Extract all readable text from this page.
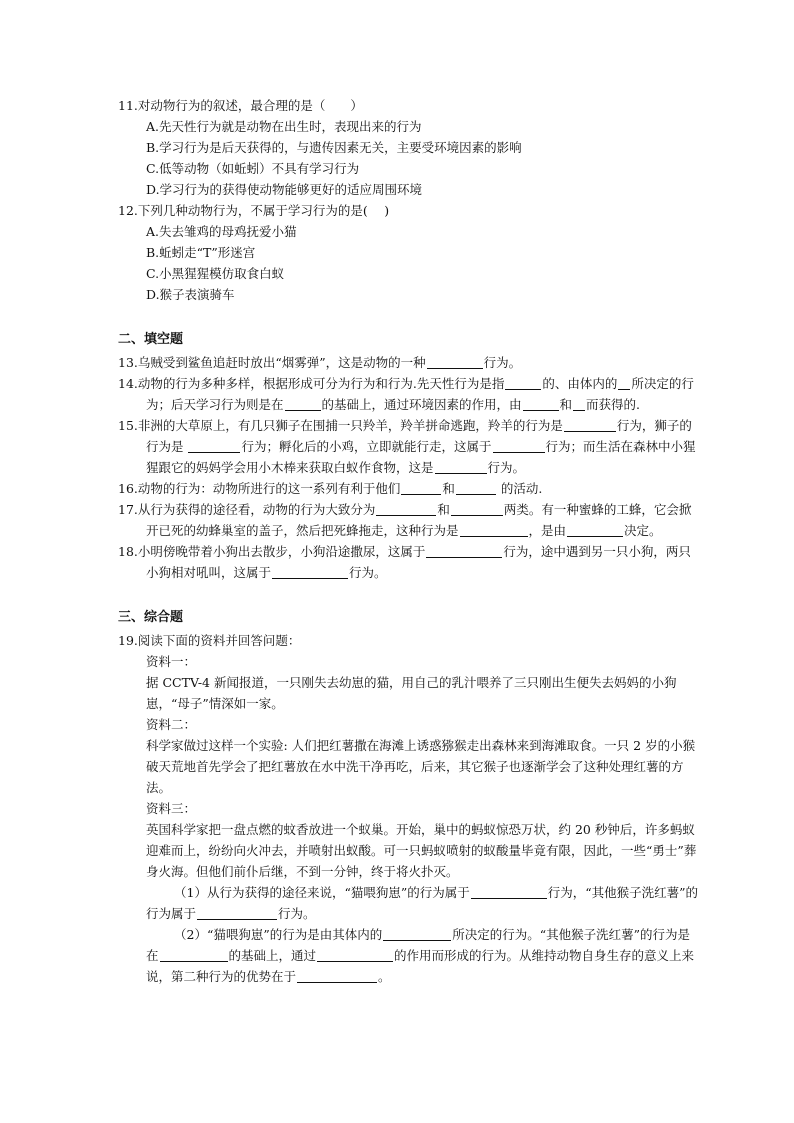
11.对动物行为的叙述，最合理的是（　　）

A.先天性行为就是动物在出生时，表现出来的行为

B.学习行为是后天获得的，与遗传因素无关，主要受环境因素的影响

C.低等动物（如蚯蚓）不具有学习行为

D.学习行为的获得使动物能够更好的适应周围环境

12.下列几种动物行为，不属于学习行为的是(　 )

A.失去雏鸡的母鸡抚爱小猫

B.蚯蚓走“T”形迷宫

C.小黑猩猩模仿取食白蚁

D.猴子表演骑车

二、填空题

13.乌贼受到鲨鱼追赶时放出“烟雾弹”，这是动物的一种	行为。

14.动物的行为多种多样，根据形成可分为行为和行为.先天性行为是指	的、由体内的 所决定的行为；后天学习行为则是在	的基础上，通过环境因素的作用，由	和 而获得的.

15.非洲的大草原上，有几只狮子在围捕一只羚羊，羚羊拼命逃跑，羚羊的行为是	行为，狮子的行为是	行为；孵化后的小鸡，立即就能行走，这属于	行为；而生活在森林中小猩猩跟它的妈妈学会用小木棒来获取白蚁作食物，这是	行为。

16.动物的行为：动物所进行的这一系列有利于他们	和	的活动.

17.从行为获得的途径看，动物的行为大致分为	和	两类。有一种蜜蜂的工蜂，它会掀开已死的幼蜂巢室的盖子，然后把死蜂拖走，这种行为是	，是由	决定。

18.小明傍晚带着小狗出去散步，小狗沿途撒尿，这属于	行为，途中遇到另一只小狗，两只小狗相对吼叫，这属于	行为。

三、综合题

19.阅读下面的资料并回答问题：

资料一：

据 CCTV-4 新闻报道，一只刚失去幼崽的猫，用自己的乳汁喂养了三只刚出生便失去妈妈的小狗崽，“母子”情深如一家。

资料二：

科学家做过这样一个实验: 人们把红薯撒在海滩上诱惑猕猴走出森林来到海滩取食。一只 2 岁的小猴破天荒地首先学会了把红薯放在水中洗干净再吃，后来，其它猴子也逐渐学会了这种处理红薯的方法。

资料三：

英国科学家把一盘点燃的蚊香放进一个蚁巢。开始，巢中的蚂蚁惊恐万状，约 20 秒钟后，许多蚂蚁迎难而上，纷纷向火冲去，并喷射出蚁酸。可一只蚂蚁喷射的蚁酸量毕竟有限，因此，一些“勇士”葬身火海。但他们前仆后继，不到一分钟，终于将火扑灭。

（1）从行为获得的途径来说，“猫喂狗崽”的行为属于	行为，“其他猴子洗红薯”的行为属于	行为。

（2）“猫喂狗崽”的行为是由其体内的	所决定的行为。“其他猴子洗红薯”的行为是在	的基础上，通过	的作用而形成的行为。从维持动物自身生存的意义上来说，第二种行为的优势在于	。
